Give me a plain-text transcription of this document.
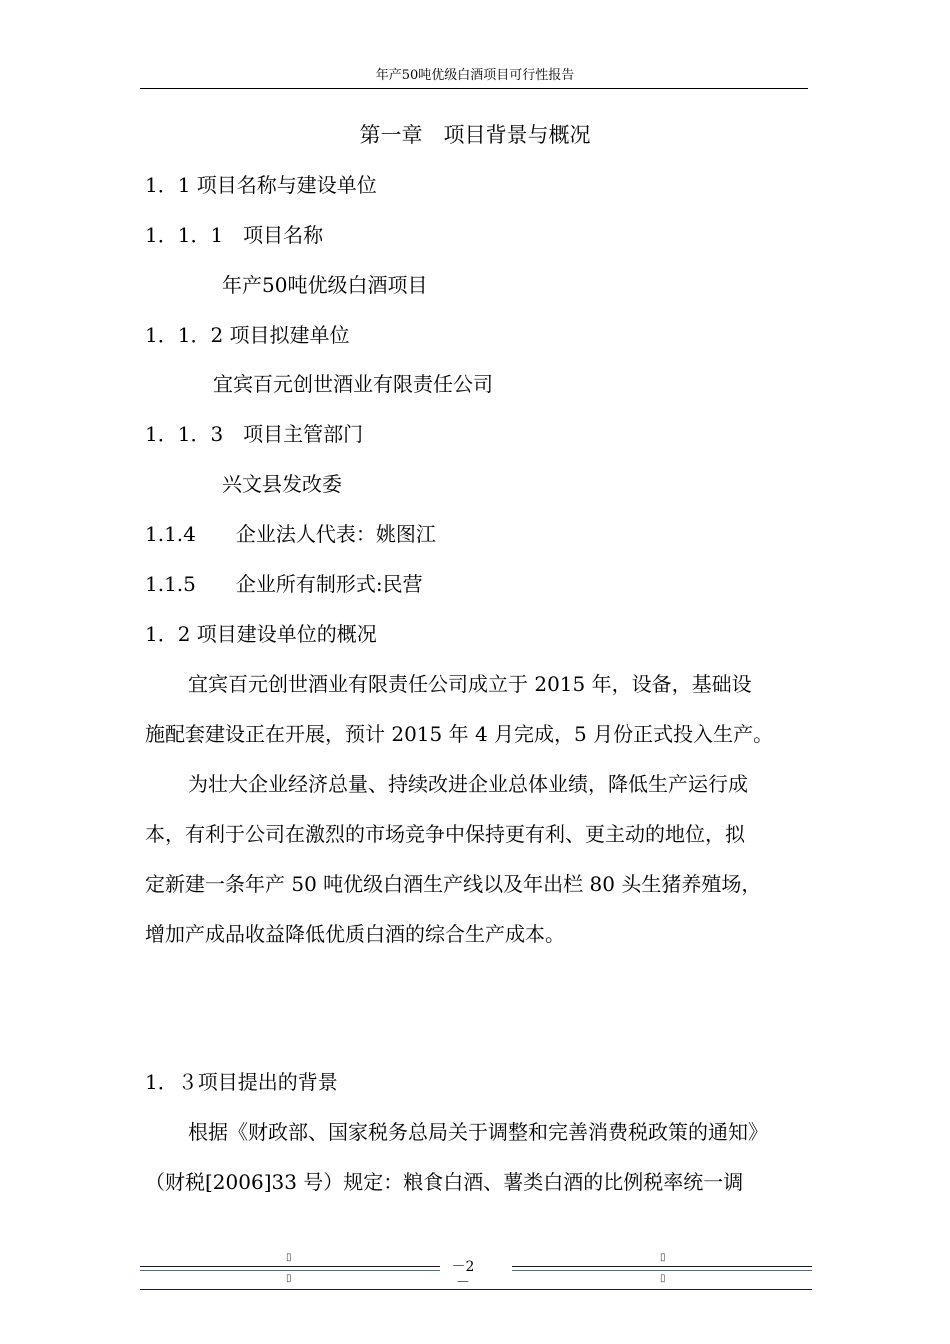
年产50吨优级白酒项目可行性报告
第一章　项目背景与概况
1．1 项目名称与建设单位
1．1．1　项目名称
年产50吨优级白酒项目
1．1．2 项目拟建单位
宜宾百元创世酒业有限责任公司
1．1．3　项目主管部门
兴文县发改委
1.1.4　　企业法人代表：姚图江
1.1.5　　企业所有制形式:民营
1．2 项目建设单位的概况
宜宾百元创世酒业有限责任公司成立于 2015 年，设备，基础设
施配套建设正在开展，预计 2015 年 4 月完成，5 月份正式投入生产。
为壮大企业经济总量、持续改进企业总体业绩，降低生产运行成
本，有利于公司在激烈的市场竞争中保持更有利、更主动的地位，拟
定新建一条年产 50 吨优级白酒生产线以及年出栏 80 头生猪养殖场，
增加产成品收益降低优质白酒的综合生产成本。
1．３项目提出的背景
根据《财政部、国家税务总局关于调整和完善消费税政策的通知》
（财税[2006]33 号）规定：粮食白酒、薯类白酒的比例税率统一调
▯	▯
－2－
▯	▯
